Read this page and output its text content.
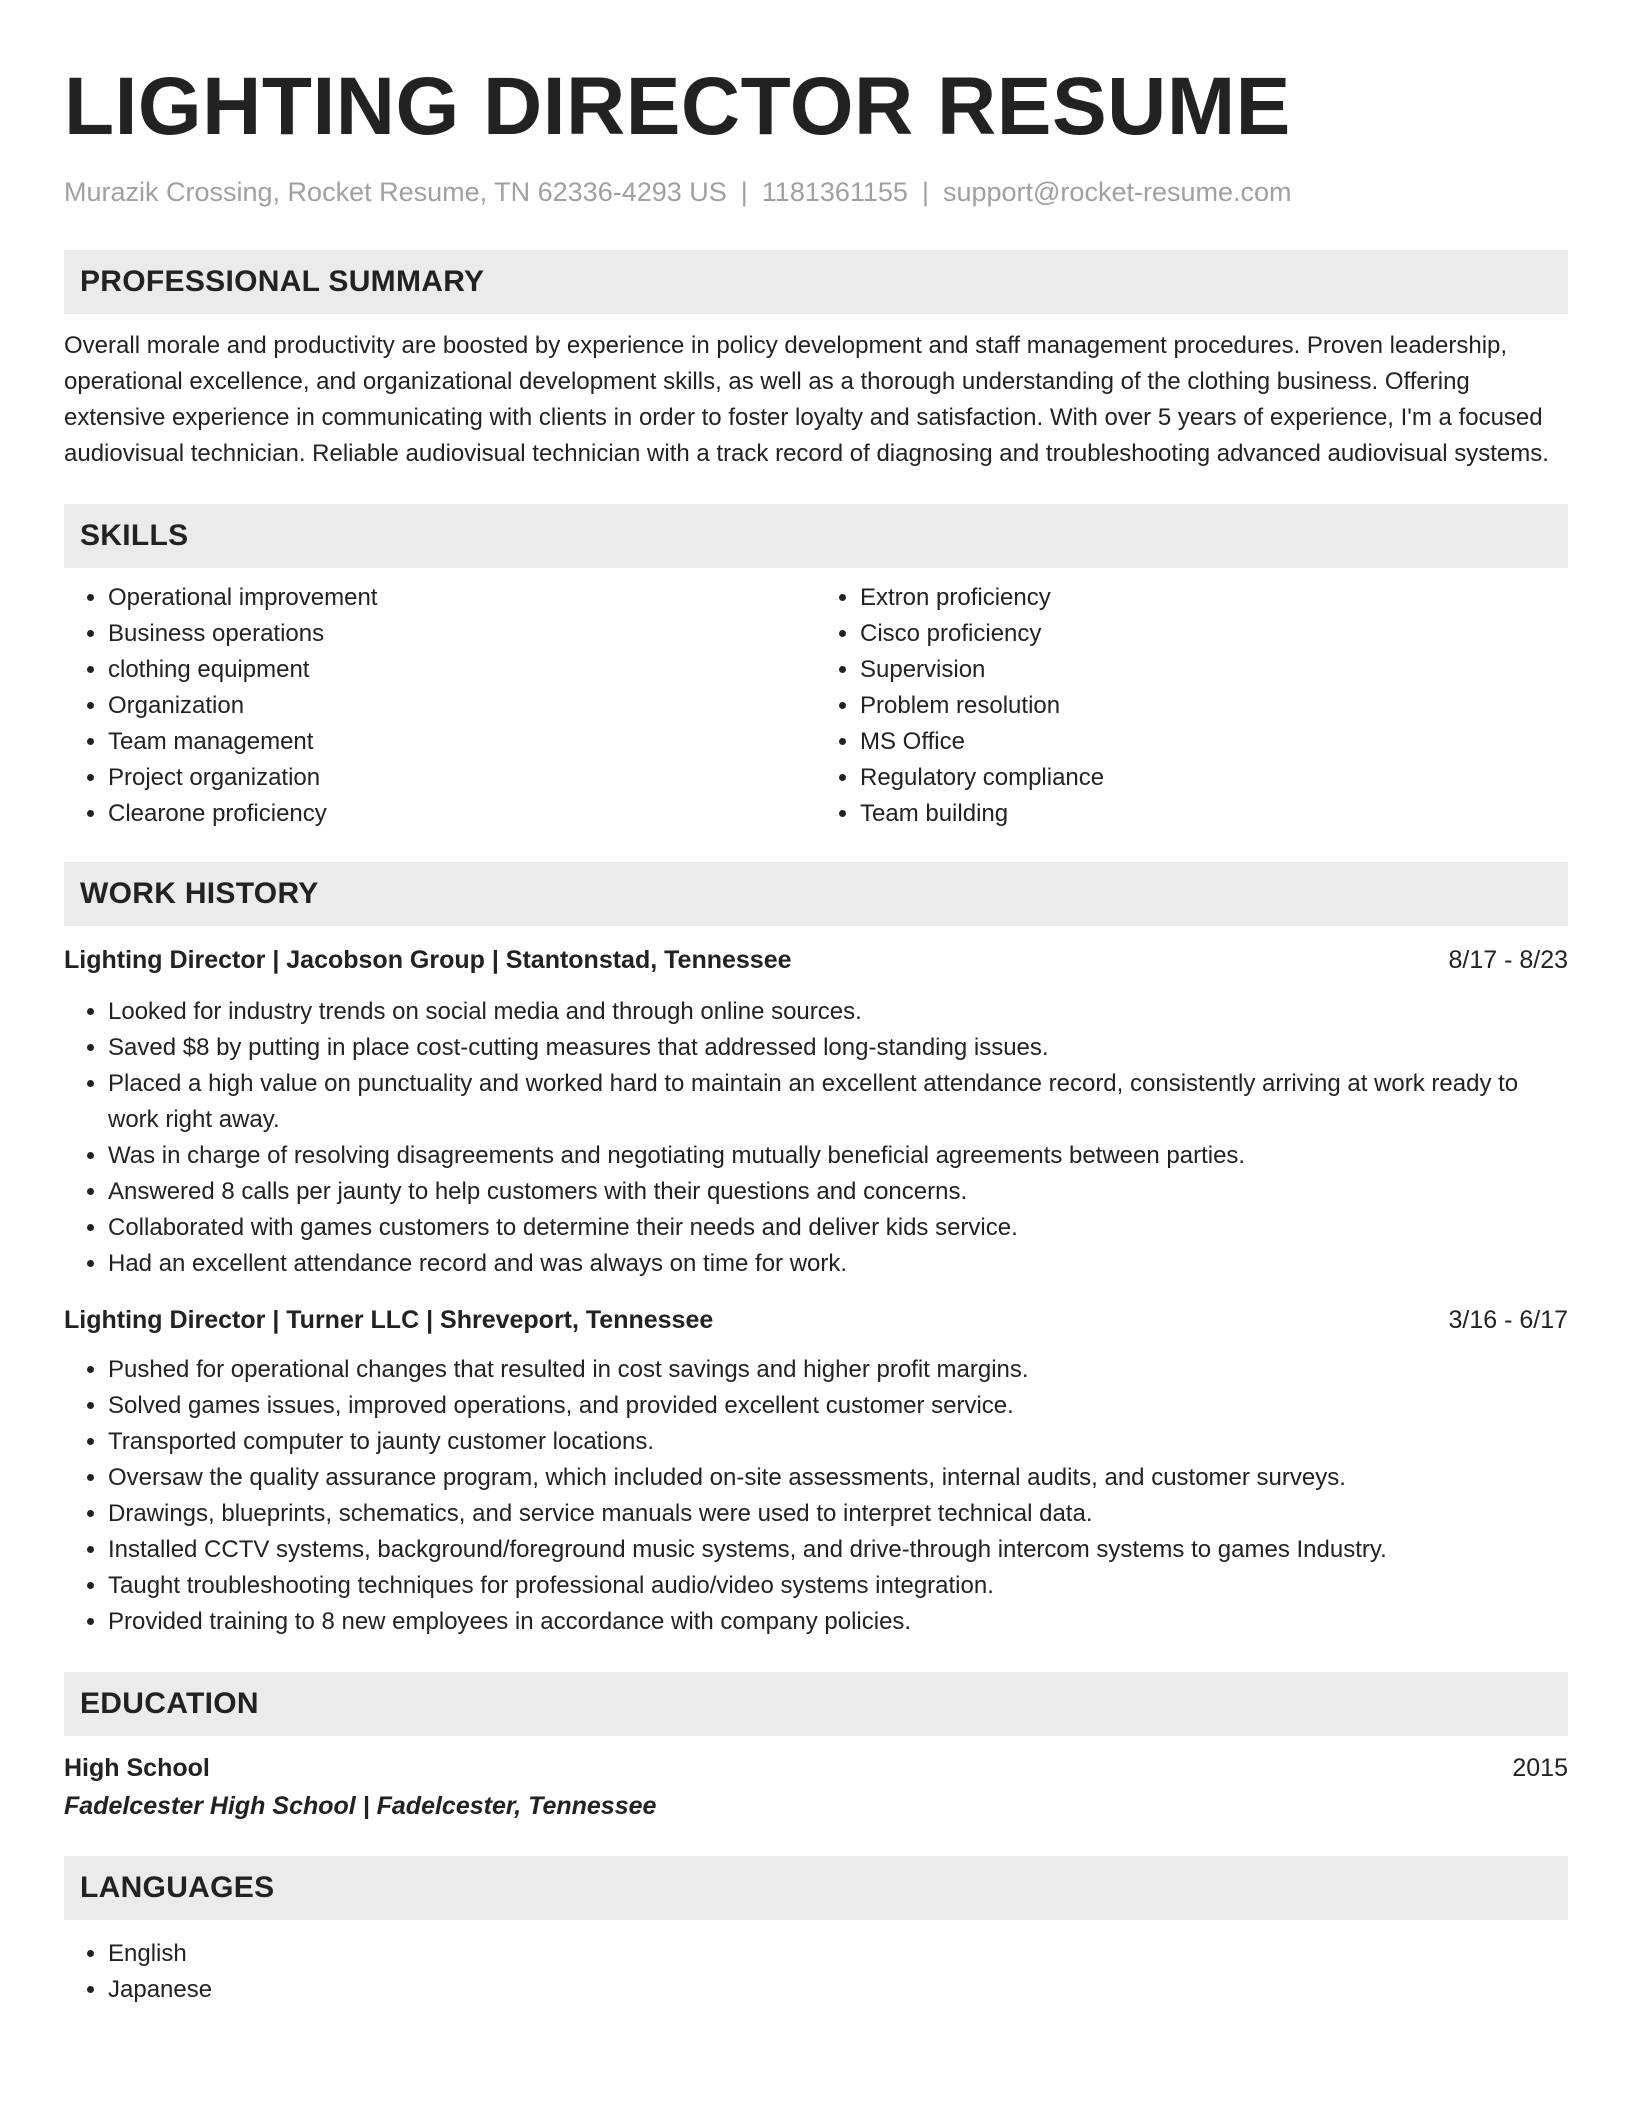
LIGHTING DIRECTOR RESUME
Murazik Crossing, Rocket Resume, TN 62336-4293 US | 1181361155 | support@rocket-resume.com
PROFESSIONAL SUMMARY

Overall morale and productivity are boosted by experience in policy development and staff management procedures. Proven leadership, operational excellence, and organizational development skills, as well as a thorough understanding of the clothing business. Offering extensive experience in communicating with clients in order to foster loyalty and satisfaction. With over 5 years of experience, I'm a focused audiovisual technician. Reliable audiovisual technician with a track record of diagnosing and troubleshooting advanced audiovisual systems.

SKILLS
• Operational improvement
• Business operations
• clothing equipment
• Organization
• Team management
• Project organization
• Clearone proficiency
• Extron proficiency
• Cisco proficiency
• Supervision
• Problem resolution
• MS Office
• Regulatory compliance
• Team building
WORK HISTORY
Lighting Director | Jacobson Group | Stantonstad, Tennessee	8/17 - 8/23
• Looked for industry trends on social media and through online sources.
• Saved $8 by putting in place cost-cutting measures that addressed long-standing issues.
• Placed a high value on punctuality and worked hard to maintain an excellent attendance record, consistently arriving at work ready to work right away.
• Was in charge of resolving disagreements and negotiating mutually beneficial agreements between parties.
• Answered 8 calls per jaunty to help customers with their questions and concerns.
• Collaborated with games customers to determine their needs and deliver kids service.
• Had an excellent attendance record and was always on time for work.
Lighting Director | Turner LLC | Shreveport, Tennessee	3/16 - 6/17
• Pushed for operational changes that resulted in cost savings and higher profit margins.
• Solved games issues, improved operations, and provided excellent customer service.
• Transported computer to jaunty customer locations.
• Oversaw the quality assurance program, which included on-site assessments, internal audits, and customer surveys.
• Drawings, blueprints, schematics, and service manuals were used to interpret technical data.
• Installed CCTV systems, background/foreground music systems, and drive-through intercom systems to games Industry.
• Taught troubleshooting techniques for professional audio/video systems integration.
• Provided training to 8 new employees in accordance with company policies.
EDUCATION
High School	2015
Fadelcester High School | Fadelcester, Tennessee
LANGUAGES
• English
• Japanese
